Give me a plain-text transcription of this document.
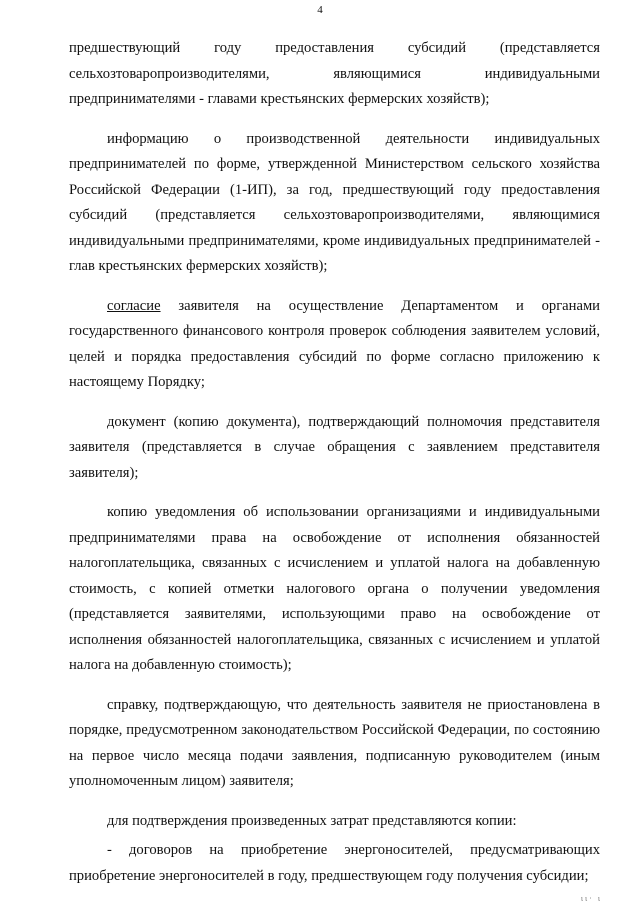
4

предшествующий году предоставления субсидий (представляется сельхозтоваропроизводителями, являющимися индивидуальными предпринимателями - главами крестьянских фермерских хозяйств);

информацию о производственной деятельности индивидуальных предпринимателей по форме, утвержденной Министерством сельского хозяйства Российской Федерации (1-ИП), за год, предшествующий году предоставления субсидий (представляется сельхозтоваропроизводителями, являющимися индивидуальными предпринимателями, кроме индивидуальных предпринимателей - глав крестьянских фермерских хозяйств);

согласие заявителя на осуществление Департаментом и органами государственного финансового контроля проверок соблюдения заявителем условий, целей и порядка предоставления субсидий по форме согласно приложению к настоящему Порядку;

документ (копию документа), подтверждающий полномочия представителя заявителя (представляется в случае обращения с заявлением представителя заявителя);

копию уведомления об использовании организациями и индивидуальными предпринимателями права на освобождение от исполнения обязанностей налогоплательщика, связанных с исчислением и уплатой налога на добавленную стоимость, с копией отметки налогового органа о получении уведомления (представляется заявителями, использующими право на освобождение от исполнения обязанностей налогоплательщика, связанных с исчислением и уплатой налога на добавленную стоимость);

справку, подтверждающую, что деятельность заявителя не приостановлена в порядке, предусмотренном законодательством Российской Федерации, по состоянию на первое число месяца подачи заявления, подписанную руководителем (иным уполномоченным лицом) заявителя;

для подтверждения произведенных затрат представляются копии:

- договоров на приобретение энергоносителей, предусматривающих приобретение энергоносителей в году, предшествующем году получения субсидии;

ιι· ι
